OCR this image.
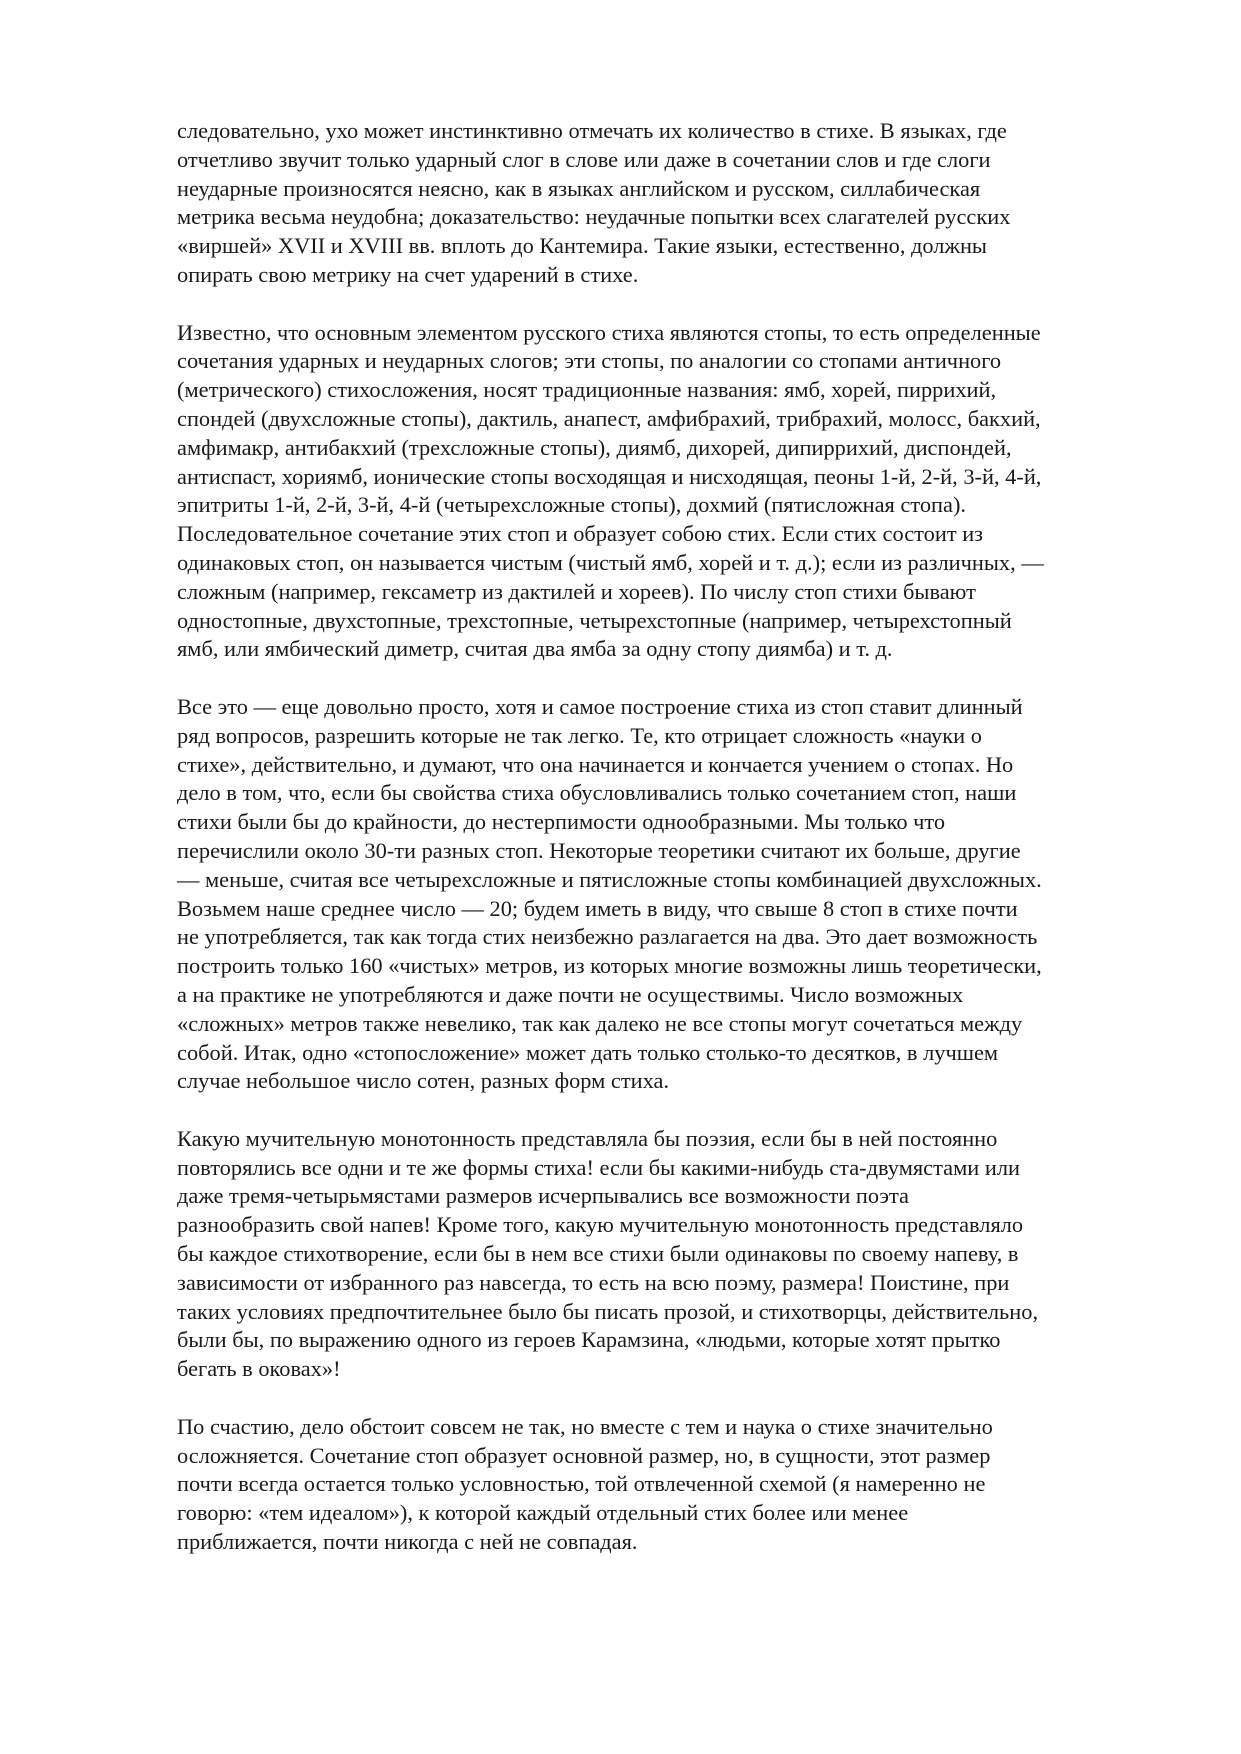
следовательно, ухо может инстинктивно отмечать их количество в стихе. В языках, где
отчетливо звучит только ударный слог в слове или даже в сочетании слов и где слоги
неударные произносятся неясно, как в языках английском и русском, силлабическая
метрика весьма неудобна; доказательство: неудачные попытки всех слагателей русских
«виршей» XVII и XVIII вв. вплоть до Кантемира. Такие языки, естественно, должны
опирать свою метрику на счет ударений в стихе.

Известно, что основным элементом русского стиха являются стопы, то есть определенные
сочетания ударных и неударных слогов; эти стопы, по аналогии со стопами античного
(метрического) стихосложения, носят традиционные названия: ямб, хорей, пиррихий,
спондей (двухсложные стопы), дактиль, анапест, амфибрахий, трибрахий, молосс, бакхий,
амфимакр, антибакхий (трехсложные стопы), диямб, дихорей, дипиррихий, диспондей,
антиспаст, хориямб, ионические стопы восходящая и нисходящая, пеоны 1-й, 2-й, 3-й, 4-й,
эпитриты 1-й, 2-й, 3-й, 4-й (четырехсложные стопы), дохмий (пятисложная стопа).
Последовательное сочетание этих стоп и образует собою стих. Если стих состоит из
одинаковых стоп, он называется чистым (чистый ямб, хорей и т. д.); если из различных, —
сложным (например, гексаметр из дактилей и хореев). По числу стоп стихи бывают
одностопные, двухстопные, трехстопные, четырехстопные (например, четырехстопный
ямб, или ямбический диметр, считая два ямба за одну стопу диямба) и т. д.

Все это — еще довольно просто, хотя и самое построение стиха из стоп ставит длинный
ряд вопросов, разрешить которые не так легко. Те, кто отрицает сложность «науки о
стихе», действительно, и думают, что она начинается и кончается учением о стопах. Но
дело в том, что, если бы свойства стиха обусловливались только сочетанием стоп, наши
стихи были бы до крайности, до нестерпимости однообразными. Мы только что
перечислили около 30-ти разных стоп. Некоторые теоретики считают их больше, другие
— меньше, считая все четырехсложные и пятисложные стопы комбинацией двухсложных.
Возьмем наше среднее число — 20; будем иметь в виду, что свыше 8 стоп в стихе почти
не употребляется, так как тогда стих неизбежно разлагается на два. Это дает возможность
построить только 160 «чистых» метров, из которых многие возможны лишь теоретически,
а на практике не употребляются и даже почти не осуществимы. Число возможных
«сложных» метров также невелико, так как далеко не все стопы могут сочетаться между
собой. Итак, одно «стопосложение» может дать только столько-то десятков, в лучшем
случае небольшое число сотен, разных форм стиха.

Какую мучительную монотонность представляла бы поэзия, если бы в ней постоянно
повторялись все одни и те же формы стиха! если бы какими-нибудь ста-двумястами или
даже тремя-четырьмястами размеров исчерпывались все возможности поэта
разнообразить свой напев! Кроме того, какую мучительную монотонность представляло
бы каждое стихотворение, если бы в нем все стихи были одинаковы по своему напеву, в
зависимости от избранного раз навсегда, то есть на всю поэму, размера! Поистине, при
таких условиях предпочтительнее было бы писать прозой, и стихотворцы, действительно,
были бы, по выражению одного из героев Карамзина, «людьми, которые хотят прытко
бегать в оковах»!

По счастию, дело обстоит совсем не так, но вместе с тем и наука о стихе значительно
осложняется. Сочетание стоп образует основной размер, но, в сущности, этот размер
почти всегда остается только условностью, той отвлеченной схемой (я намеренно не
говорю: «тем идеалом»), к которой каждый отдельный стих более или менее
приближается, почти никогда с ней не совпадая.
